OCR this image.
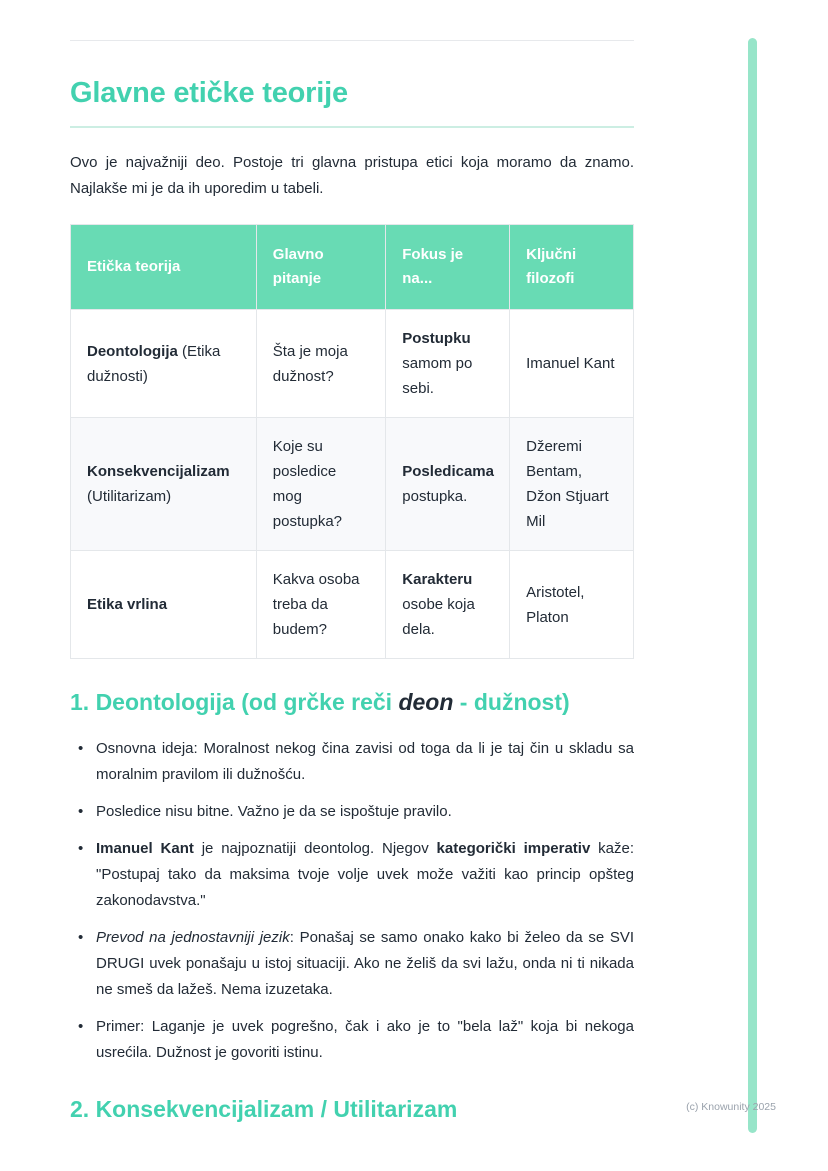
Glavne etičke teorije

Ovo je najvažniji deo. Postoje tri glavna pristupa etici koja moramo da znamo. Najlakše mi je da ih uporedim u tabeli.

Etička teorija	Glavno pitanje	Fokus je na...	Ključni filozofi
Deontologija (Etika dužnosti)	Šta je moja dužnost?	Postupku samom po sebi.	Imanuel Kant
Konsekvencijalizam (Utilitarizam)	Koje su posledice mog postupka?	Posledicama postupka.	Džeremi Bentam, Džon Stjuart Mil
Etika vrlina	Kakva osoba treba da budem?	Karakteru osobe koja dela.	Aristotel, Platon
1. Deontologija (od grčke reči deon - dužnost)
• Osnovna ideja: Moralnost nekog čina zavisi od toga da li je taj čin u skladu sa moralnim pravilom ili dužnošću.
• Posledice nisu bitne. Važno je da se ispoštuje pravilo.
• Imanuel Kant je najpoznatiji deontolog. Njegov kategorički imperativ kaže: "Postupaj tako da maksima tvoje volje uvek može važiti kao princip opšteg zakonodavstva."
• Prevod na jednostavniji jezik: Ponašaj se samo onako kako bi želeo da se SVI DRUGI uvek ponašaju u istoj situaciji. Ako ne želiš da svi lažu, onda ni ti nikada ne smeš da lažeš. Nema izuzetaka.
• Primer: Laganje je uvek pogrešno, čak i ako je to "bela laž" koja bi nekoga usrećila. Dužnost je govoriti istinu.
2. Konsekvencijalizam / Utilitarizam	(c) Knowunity 2025
